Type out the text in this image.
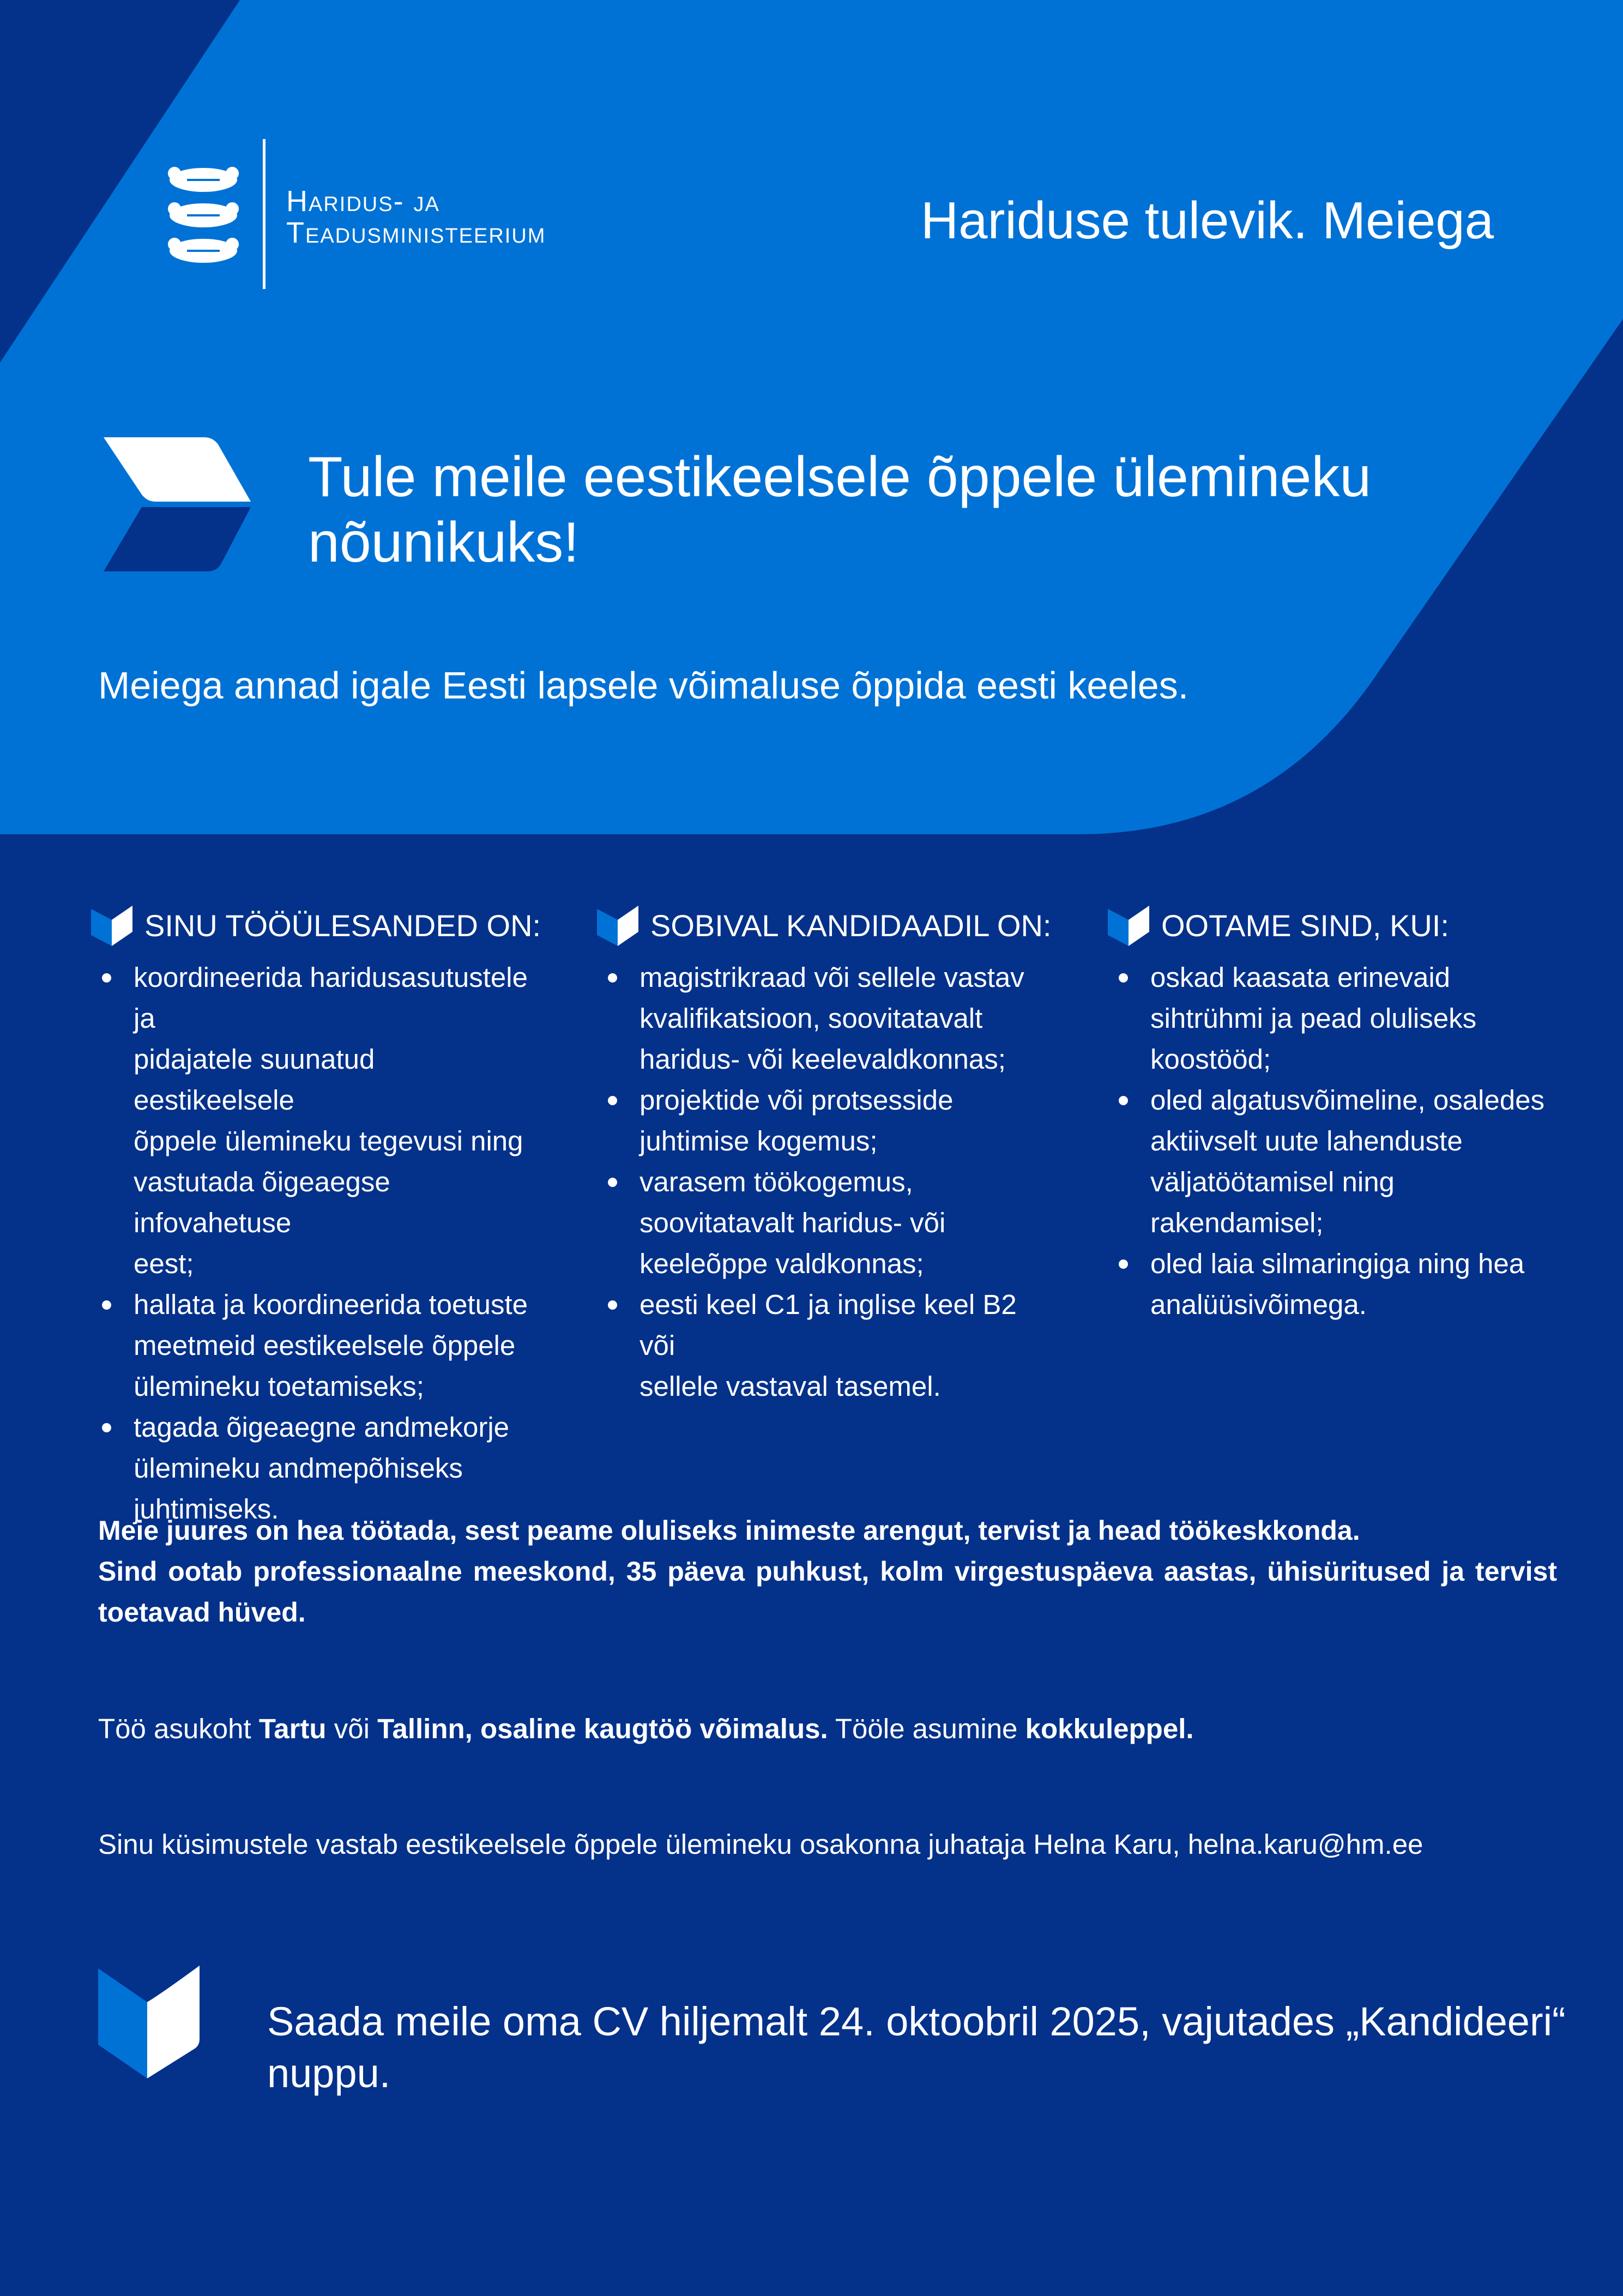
Haridus- ja
Teadusministeerium	Hariduse tulevik. Meiega
Tule meile eestikeelsele õppele ülemineku
nõunikuks!
Meiega annad igale Eesti lapsele võimaluse õppida eesti keeles.
SINU TÖÖÜLESANDED ON:
koordineerida haridusasutustele ja
pidajatele suunatud eestikeelsele
õppele ülemineku tegevusi ning
vastutada õigeaegse infovahetuse
eest;
hallata ja koordineerida toetuste
meetmeid eestikeelsele õppele
ülemineku toetamiseks;
tagada õigeaegne andmekorje
ülemineku andmepõhiseks
juhtimiseks.
SOBIVAL KANDIDAADIL ON:
magistrikraad või sellele vastav
kvalifikatsioon, soovitatavalt
haridus- või keelevaldkonnas;
projektide või protsesside
juhtimise kogemus;
varasem töökogemus,
soovitatavalt haridus- või
keeleõppe valdkonnas;
eesti keel C1 ja inglise keel B2 või
sellele vastaval tasemel.
OOTAME SIND, KUI:
oskad kaasata erinevaid
sihtrühmi ja pead oluliseks
koostööd;
oled algatusvõimeline, osaledes
aktiivselt uute lahenduste
väljatöötamisel ning
rakendamisel;
oled laia silmaringiga ning hea
analüüsivõimega.
Meie juures on hea töötada, sest peame oluliseks inimeste arengut, tervist ja head töökeskkonda.
Sind ootab professionaalne meeskond, 35 päeva puhkust, kolm virgestuspäeva aastas, ühisüritused ja tervist toetavad hüved.
Töö asukoht Tartu või Tallinn, osaline kaugtöö võimalus. Tööle asumine kokkuleppel.
Sinu küsimustele vastab eestikeelsele õppele ülemineku osakonna juhataja Helna Karu, helna.karu@hm.ee
Saada meile oma CV hiljemalt 24. oktoobril 2025, vajutades „Kandideeri“ nuppu.
